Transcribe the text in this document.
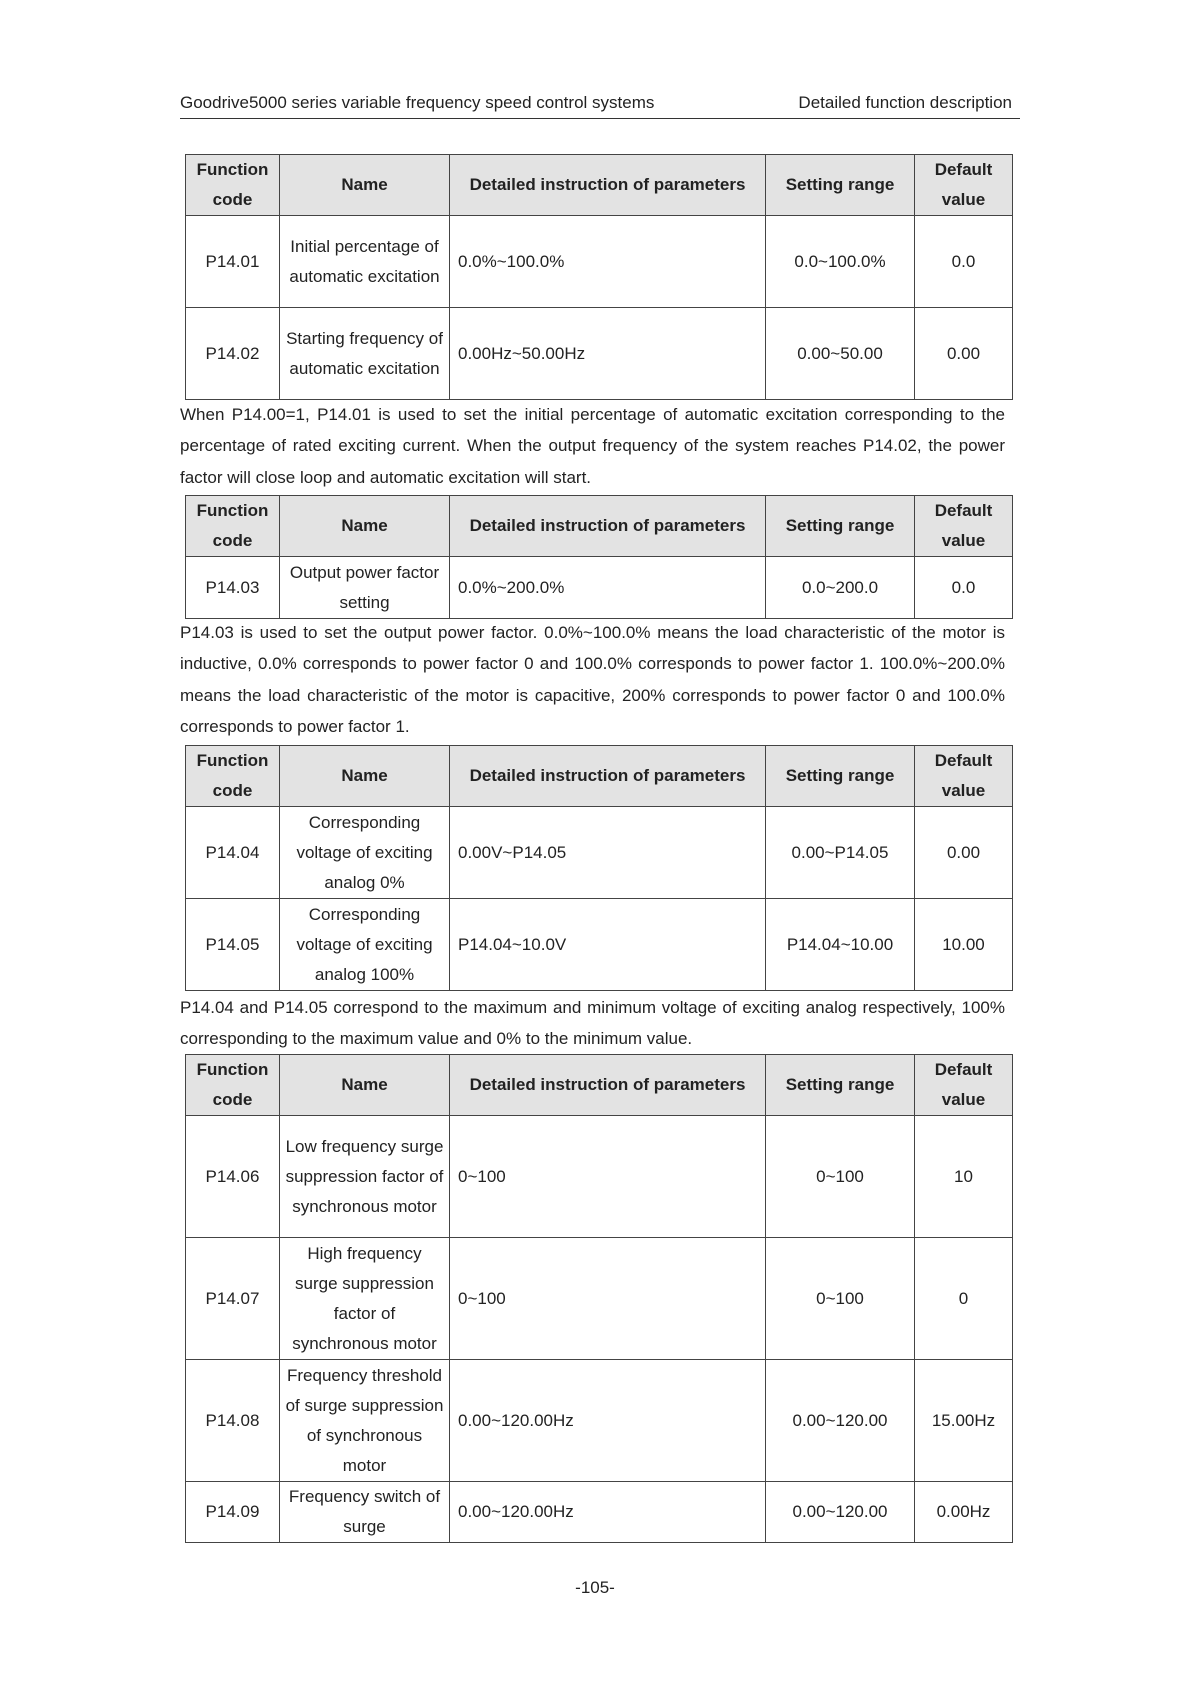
Goodrive5000 series variable frequency speed control systems	Detailed function description
Function code	Name	Detailed instruction of parameters	Setting range	Default value
P14.01	Initial percentage of automatic excitation	0.0%~100.0%	0.0~100.0%	0.0
P14.02	Starting frequency of automatic excitation	0.00Hz~50.00Hz	0.00~50.00	0.00

When P14.00=1, P14.01 is used to set the initial percentage of automatic excitation corresponding to the percentage of rated exciting current. When the output frequency of the system reaches P14.02, the power factor will close loop and automatic excitation will start.

Function code	Name	Detailed instruction of parameters	Setting range	Default value
P14.03	Output power factor setting	0.0%~200.0%	0.0~200.0	0.0

P14.03 is used to set the output power factor. 0.0%~100.0% means the load characteristic of the motor is inductive, 0.0% corresponds to power factor 0 and 100.0% corresponds to power factor 1. 100.0%~200.0% means the load characteristic of the motor is capacitive, 200% corresponds to power factor 0 and 100.0% corresponds to power factor 1.

Function code	Name	Detailed instruction of parameters	Setting range	Default value
P14.04	Corresponding voltage of exciting analog 0%	0.00V~P14.05	0.00~P14.05	0.00
P14.05	Corresponding voltage of exciting analog 100%	P14.04~10.0V	P14.04~10.00	10.00

P14.04 and P14.05 correspond to the maximum and minimum voltage of exciting analog respectively, 100% corresponding to the maximum value and 0% to the minimum value.

Function code	Name	Detailed instruction of parameters	Setting range	Default value
P14.06	Low frequency surge suppression factor of synchronous motor	0~100	0~100	10
P14.07	High frequency surge suppression factor of synchronous motor	0~100	0~100	0
P14.08	Frequency threshold of surge suppression of synchronous motor	0.00~120.00Hz	0.00~120.00	15.00Hz
P14.09	Frequency switch of surge	0.00~120.00Hz	0.00~120.00	0.00Hz
-105-
